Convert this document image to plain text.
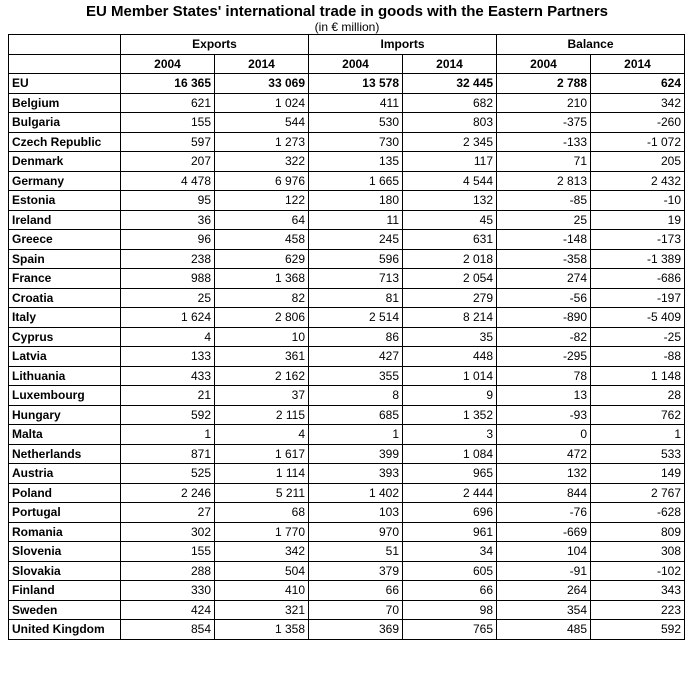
EU Member States' international trade in goods with the Eastern Partners
(in € million)
	Exports		Imports		Balance	
	2004	2014	2004	2014	2004	2014
EU	16 365	33 069	13 578	32 445	2 788	624
Belgium	621	1 024	411	682	210	342
Bulgaria	155	544	530	803	-375	-260
Czech Republic	597	1 273	730	2 345	-133	-1 072
Denmark	207	322	135	117	71	205
Germany	4 478	6 976	1 665	4 544	2 813	2 432
Estonia	95	122	180	132	-85	-10
Ireland	36	64	11	45	25	19
Greece	96	458	245	631	-148	-173
Spain	238	629	596	2 018	-358	-1 389
France	988	1 368	713	2 054	274	-686
Croatia	25	82	81	279	-56	-197
Italy	1 624	2 806	2 514	8 214	-890	-5 409
Cyprus	4	10	86	35	-82	-25
Latvia	133	361	427	448	-295	-88
Lithuania	433	2 162	355	1 014	78	1 148
Luxembourg	21	37	8	9	13	28
Hungary	592	2 115	685	1 352	-93	762
Malta	1	4	1	3	0	1
Netherlands	871	1 617	399	1 084	472	533
Austria	525	1 114	393	965	132	149
Poland	2 246	5 211	1 402	2 444	844	2 767
Portugal	27	68	103	696	-76	-628
Romania	302	1 770	970	961	-669	809
Slovenia	155	342	51	34	104	308
Slovakia	288	504	379	605	-91	-102
Finland	330	410	66	66	264	343
Sweden	424	321	70	98	354	223
United Kingdom	854	1 358	369	765	485	592
